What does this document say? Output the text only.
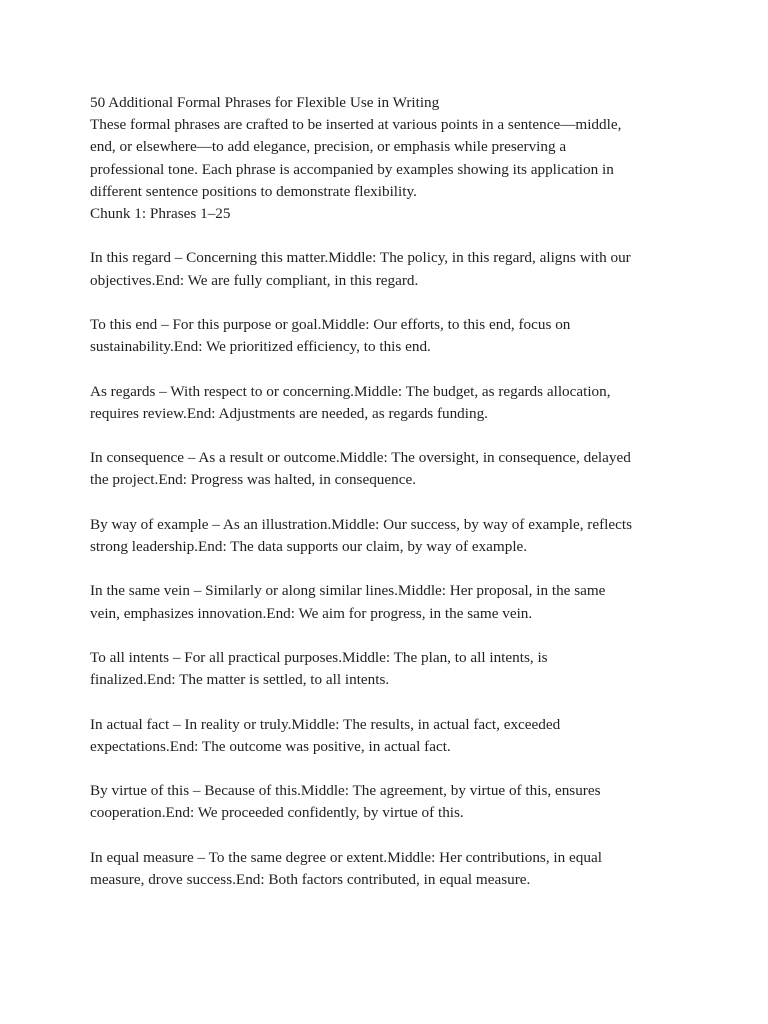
50 Additional Formal Phrases for Flexible Use in Writing

These formal phrases are crafted to be inserted at various points in a sentence—middle,

end, or elsewhere—to add elegance, precision, or emphasis while preserving a

professional tone. Each phrase is accompanied by examples showing its application in

different sentence positions to demonstrate flexibility.

Chunk 1: Phrases 1–25

In this regard – Concerning this matter.Middle: The policy, in this regard, aligns with our

objectives.End: We are fully compliant, in this regard.

To this end – For this purpose or goal.Middle: Our efforts, to this end, focus on

sustainability.End: We prioritized efficiency, to this end.

As regards – With respect to or concerning.Middle: The budget, as regards allocation,

requires review.End: Adjustments are needed, as regards funding.

In consequence – As a result or outcome.Middle: The oversight, in consequence, delayed

the project.End: Progress was halted, in consequence.

By way of example – As an illustration.Middle: Our success, by way of example, reflects

strong leadership.End: The data supports our claim, by way of example.

In the same vein – Similarly or along similar lines.Middle: Her proposal, in the same

vein, emphasizes innovation.End: We aim for progress, in the same vein.

To all intents – For all practical purposes.Middle: The plan, to all intents, is

finalized.End: The matter is settled, to all intents.

In actual fact – In reality or truly.Middle: The results, in actual fact, exceeded

expectations.End: The outcome was positive, in actual fact.

By virtue of this – Because of this.Middle: The agreement, by virtue of this, ensures

cooperation.End: We proceeded confidently, by virtue of this.

In equal measure – To the same degree or extent.Middle: Her contributions, in equal

measure, drove success.End: Both factors contributed, in equal measure.
